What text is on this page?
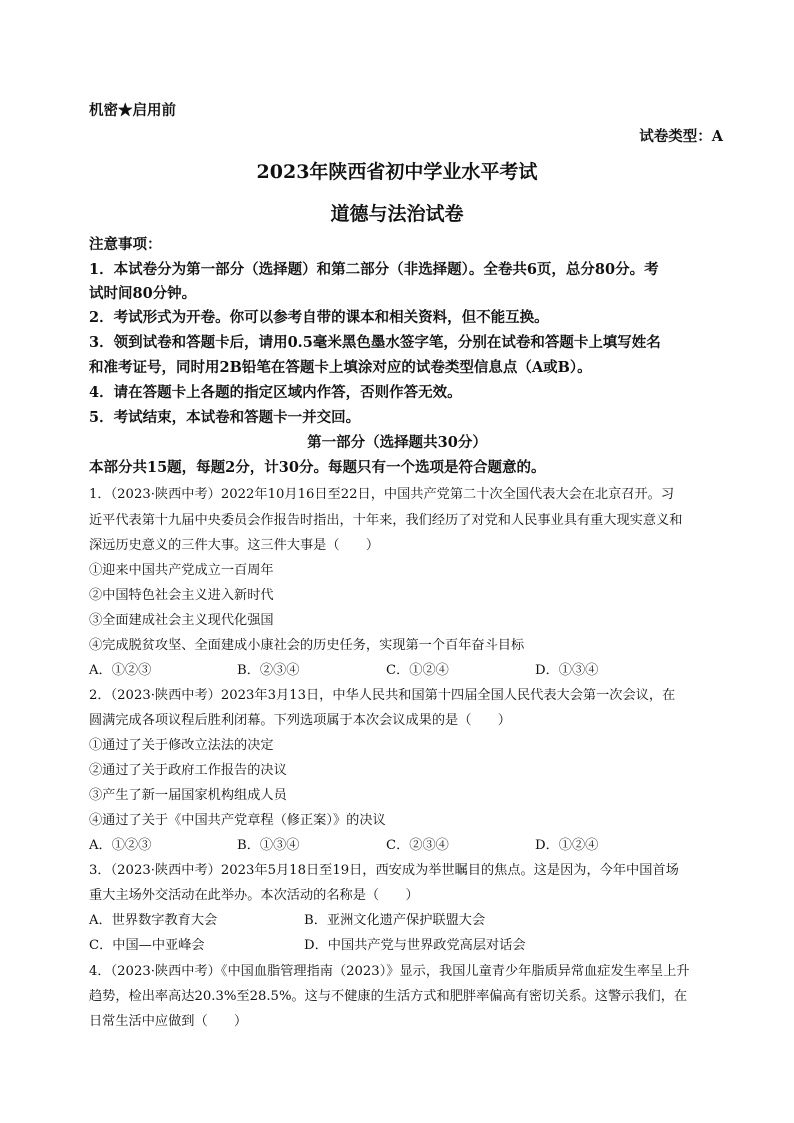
机密★启用前
试卷类型：A
2023年陕西省初中学业水平考试
道德与法治试卷
注意事项：
1．本试卷分为第一部分（选择题）和第二部分（非选择题）。全卷共6页，总分80分。考
试时间80分钟。
2．考试形式为开卷。你可以参考自带的课本和相关资料，但不能互换。
3．领到试卷和答题卡后，请用0.5毫米黑色墨水签字笔，分别在试卷和答题卡上填写姓名
和准考证号，同时用2B铅笔在答题卡上填涂对应的试卷类型信息点（A或B）。
4．请在答题卡上各题的指定区域内作答，否则作答无效。
5．考试结束，本试卷和答题卡一并交回。
第一部分（选择题共30分）
本部分共15题，每题2分，计30分。每题只有一个选项是符合题意的。
1．（2023·陕西中考）2022年10月16日至22日，中国共产党第二十次全国代表大会在北京召开。习
近平代表第十九届中央委员会作报告时指出，十年来，我们经历了对党和人民事业具有重大现实意义和
深远历史意义的三件大事。这三件大事是（　　）
①迎来中国共产党成立一百周年
②中国特色社会主义进入新时代
③全面建成社会主义现代化强国
④完成脱贫攻坚、全面建成小康社会的历史任务，实现第一个百年奋斗目标
A．①②③	B．②③④	C．①②④	D．①③④
2．（2023·陕西中考）2023年3月13日，中华人民共和国第十四届全国人民代表大会第一次会议，在
圆满完成各项议程后胜利闭幕。下列选项属于本次会议成果的是（　　）
①通过了关于修改立法法的决定
②通过了关于政府工作报告的决议
③产生了新一届国家机构组成人员
④通过了关于《中国共产党章程（修正案）》的决议
A．①②③	B．①③④	C．②③④	D．①②④
3．（2023·陕西中考）2023年5月18日至19日，西安成为举世瞩目的焦点。这是因为，今年中国首场
重大主场外交活动在此举办。本次活动的名称是（　　）
A．世界数字教育大会	B．亚洲文化遗产保护联盟大会
C．中国—中亚峰会	D．中国共产党与世界政党高层对话会
4．（2023·陕西中考）《中国血脂管理指南（2023）》显示，我国儿童青少年脂质异常血症发生率呈上升
趋势，检出率高达20.3%至28.5%。这与不健康的生活方式和肥胖率偏高有密切关系。这警示我们，在
日常生活中应做到（　　）
